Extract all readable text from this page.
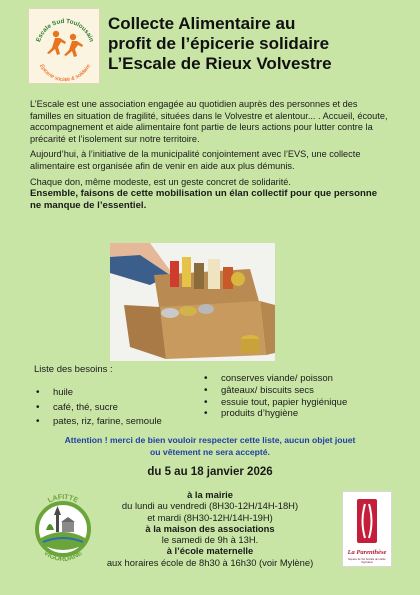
Escale Sud Toulousain
Épicerie sociale & solidaire
Collecte Alimentaire au
profit de l’épicerie solidaire
L’Escale de Rieux Volvestre

L’Escale est une association engagée au quotidien auprès des personnes et des familles en situation de fragilité, situées dans le Volvestre et alentour... . Accueil, écoute, accompagnement et aide alimentaire font partie de leurs actions pour lutter contre la précarité et l’isolement sur notre territoire.

Aujourd’hui, à l’initiative de la municipalité conjointement avec l’EVS, une collecte alimentaire est organisée afin de venir en aide aux plus démunis.

Chaque don, même modeste, est un geste concret de solidarité.

Ensemble, faisons de cette mobilisation un élan collectif pour que personne ne manque de l’essentiel.

Liste des besoins :
• huile
• café, thé, sucre
• pates, riz, farine, semoule
• conserves viande/ poisson
• gâteaux/ biscuits secs
• essuie tout, papier hygiénique
• produits d’hygiène
Attention ! merci de bien vouloir respecter cette liste, aucun objet jouet
ou vêtement ne sera accepté.
du 5 au 18 janvier 2026
à la mairie
du lundi au vendredi (8H30-12H/14H-18H)
et mardi (8H30-12H/14H-19H)
à la maison des associations
le samedi de 9h à 13H.
à l’école maternelle
aux horaires école de 8h30 à 16h30 (voir Mylène)
LAFITTE
VIGORDANE	La Parenthèse
Espace de Vie Sociale de Lafitte Vigordane
